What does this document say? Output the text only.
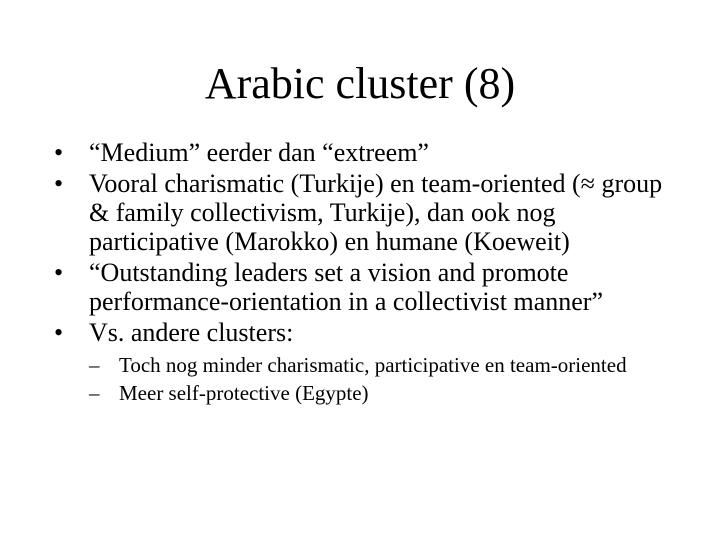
Arabic cluster (8)
• “Medium” eerder dan “extreem”
• Vooral charismatic (Turkije) en team-oriented (≈ group & family collectivism, Turkije), dan ook nog participative (Marokko) en humane (Koeweit)
• “Outstanding leaders set a vision and promote performance-orientation in a collectivist manner”
• Vs. andere clusters:
– Toch nog minder charismatic, participative en team-oriented
– Meer self-protective (Egypte)
